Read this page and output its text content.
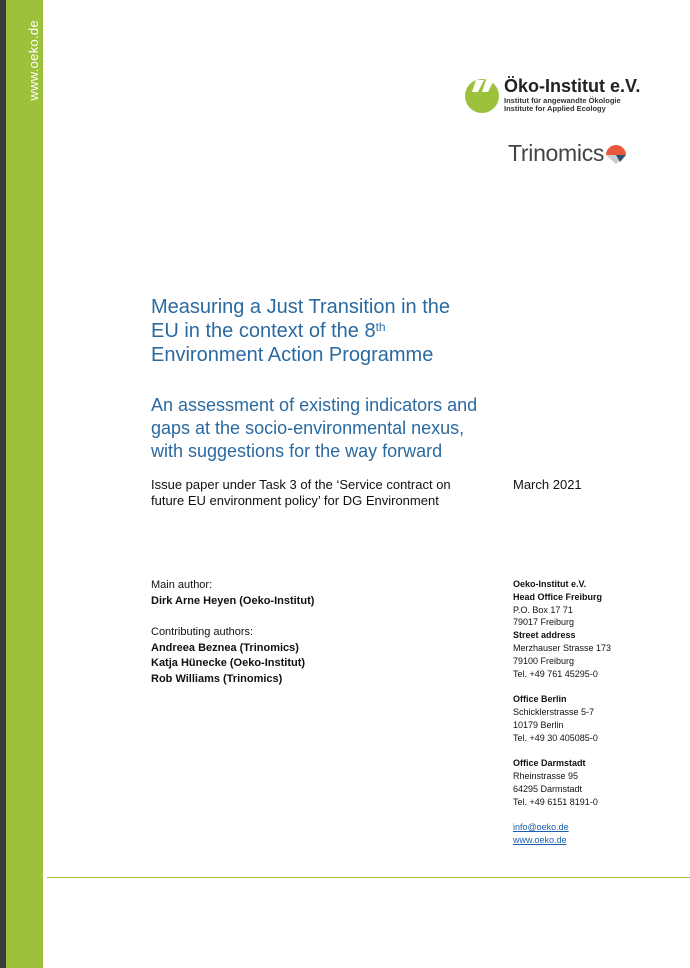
www.oeko.de	Öko-Institut e.V.
Institut für angewandte Ökologie
Institute for Applied Ecology
Trinomics
Measuring a Just Transition in the
EU in the context of the 8th
Environment Action Programme
An assessment of existing indicators and
gaps at the socio-environmental nexus,
with suggestions for the way forward
Issue paper under Task 3 of the ‘Service contract on
future EU environment policy’ for DG Environment
March 2021
Main author:
Dirk Arne Heyen (Oeko-Institut)
Contributing authors:
Andreea Beznea (Trinomics)
Katja Hünecke (Oeko-Institut)
Rob Williams (Trinomics)
Oeko-Institut e.V.
Head Office Freiburg
P.O. Box 17 71
79017 Freiburg
Street address
Merzhauser Strasse 173
79100 Freiburg
Tel. +49 761 45295-0
Office Berlin
Schicklerstrasse 5-7
10179 Berlin
Tel. +49 30 405085-0
Office Darmstadt
Rheinstrasse 95
64295 Darmstadt
Tel. +49 6151 8191-0
info@oeko.de
www.oeko.de
